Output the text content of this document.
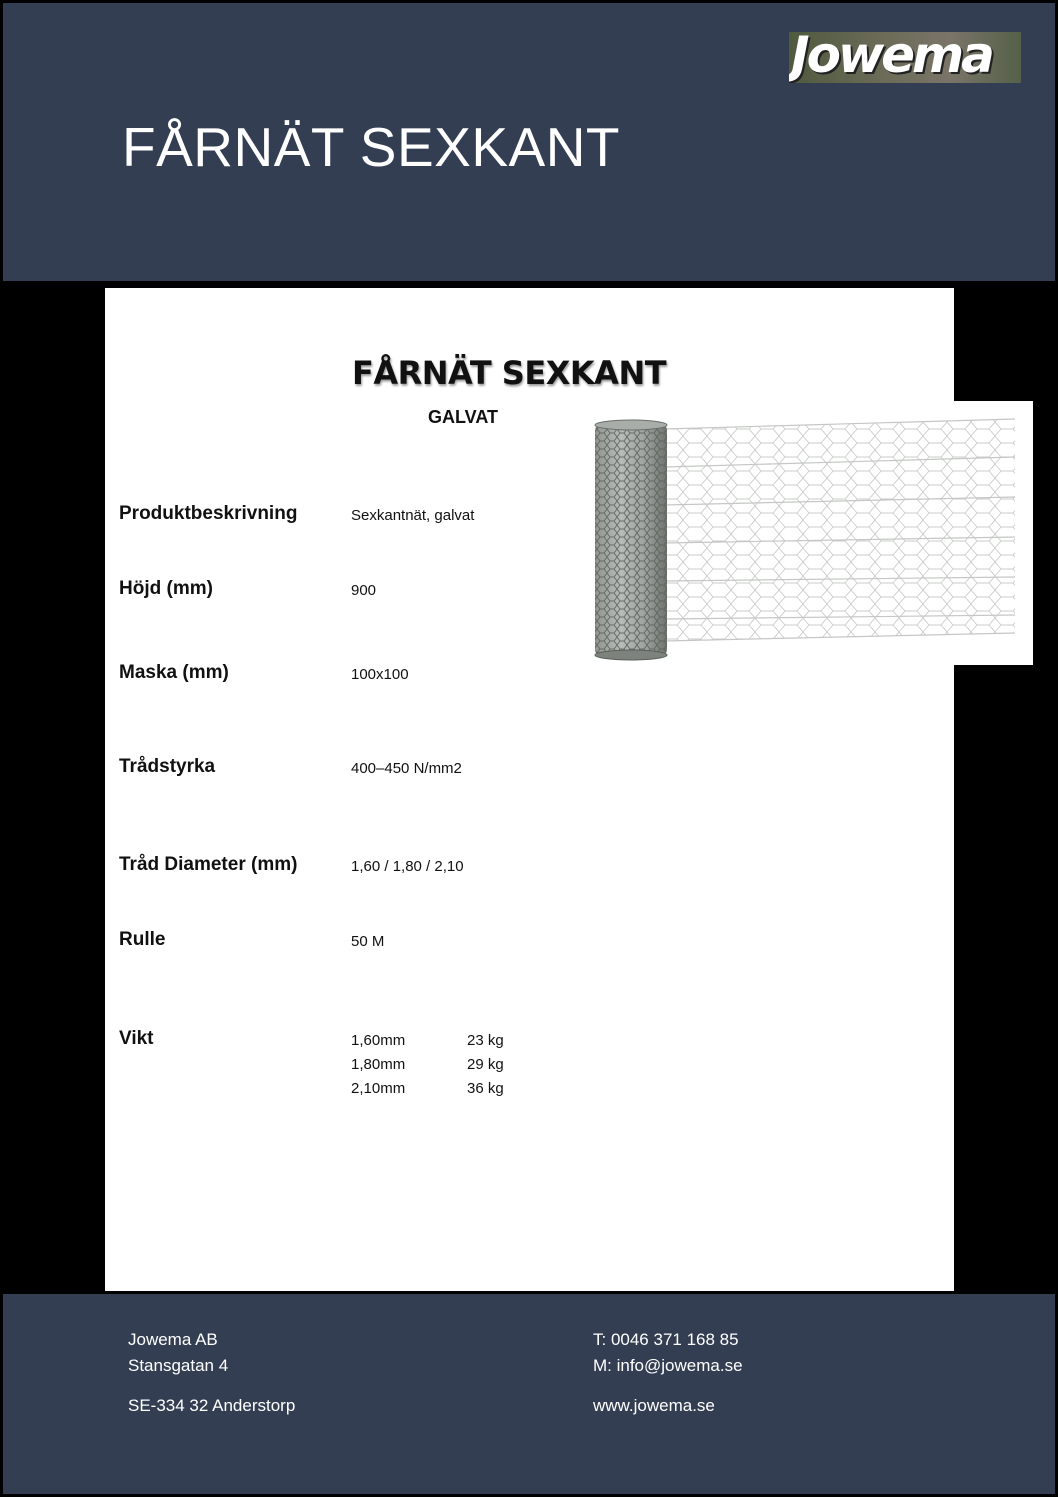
FÅRNÄT SEXKANT
Jowema
FÅRNÄT SEXKANT
GALVAT
Produktbeskrivning	Sexkantnät, galvat
Höjd (mm)	900
Maska (mm)	100x100
Trådstyrka	400–450 N/mm2
Tråd Diameter (mm)	1,60 / 1,80 / 2,10
Rulle	50 M
Vikt	1,60mm	23 kg
1,80mm	29 kg
2,10mm	36 kg
Jowema AB
Stansgatan 4
SE-334 32 Anderstorp
T: 0046 371 168 85
M: info@jowema.se
www.jowema.se
